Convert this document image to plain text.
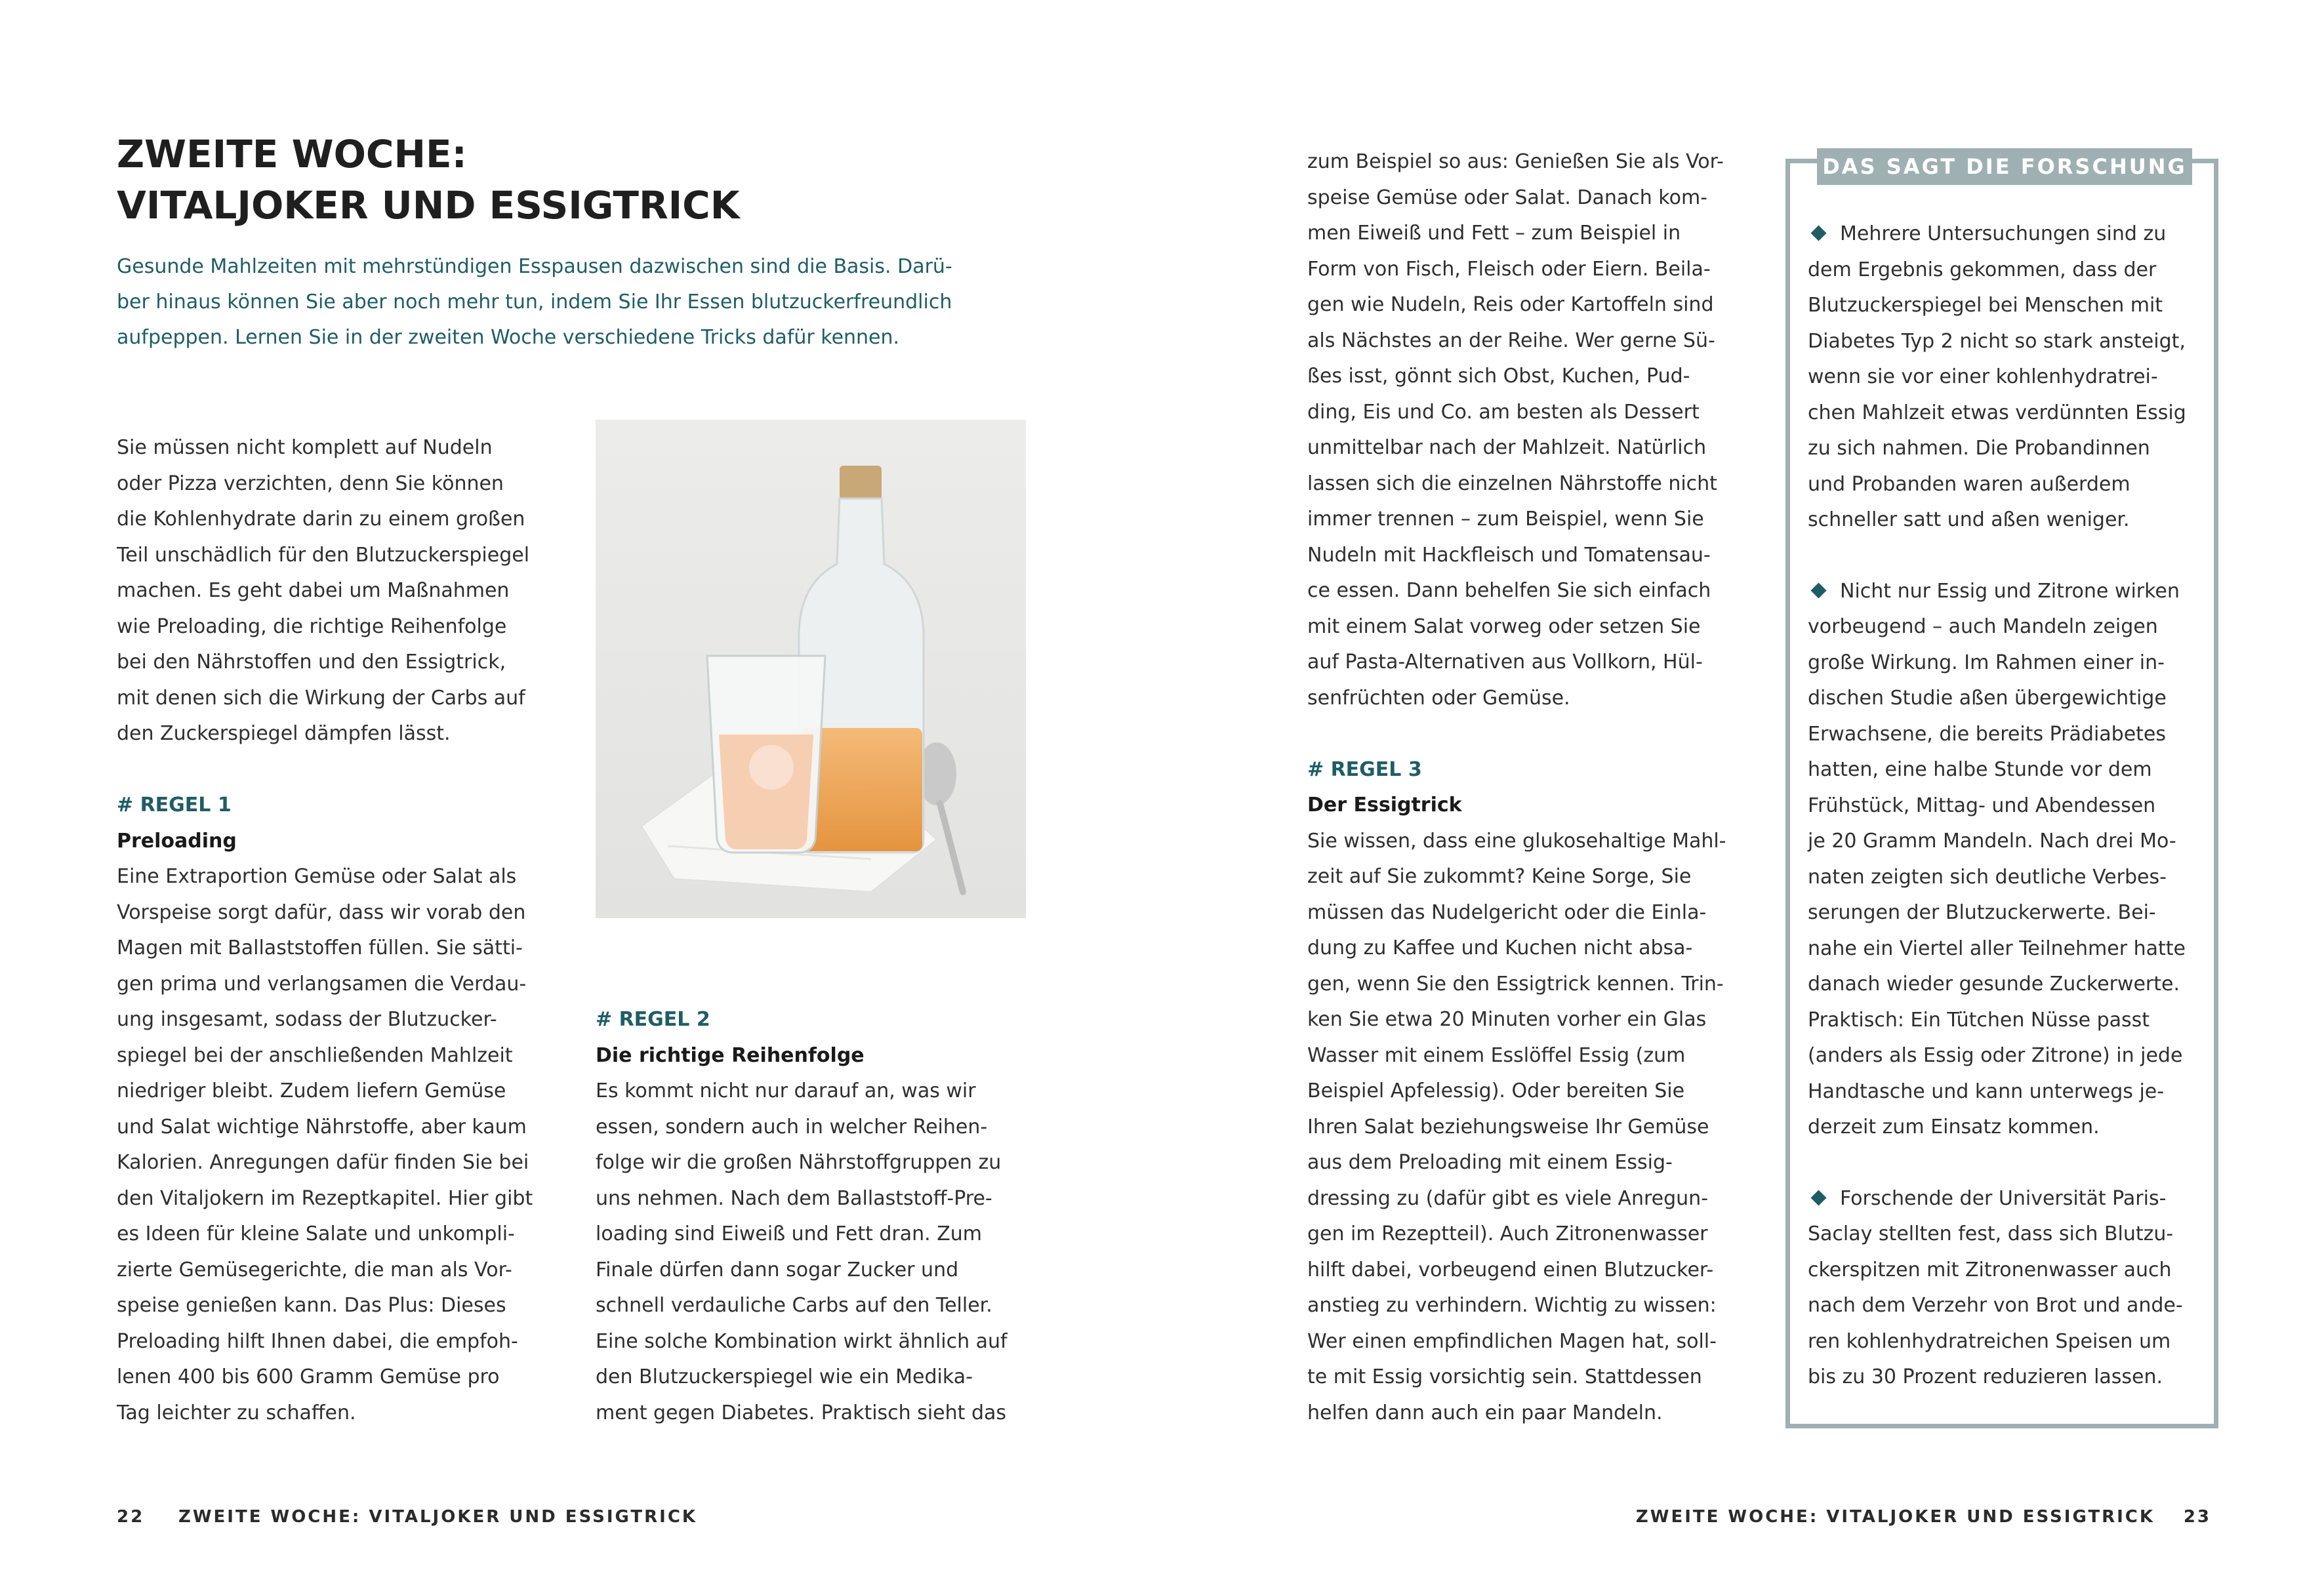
ZWEITE WOCHE:
VITALJOKER UND ESSIGTRICK
Gesunde Mahlzeiten mit mehrstündigen Esspausen dazwischen sind die Basis. Darü-
ber hinaus können Sie aber noch mehr tun, indem Sie Ihr Essen blutzuckerfreundlich
aufpeppen. Lernen Sie in der zweiten Woche verschiedene Tricks dafür kennen.
Sie müssen nicht komplett auf Nudeln
oder Pizza verzichten, denn Sie können
die Kohlenhydrate darin zu einem großen
Teil unschädlich für den Blutzuckerspiegel
machen. Es geht dabei um Maßnahmen
wie Preloading, die richtige Reihenfolge
bei den Nährstoffen und den Essigtrick,
mit denen sich die Wirkung der Carbs auf
den Zuckerspiegel dämpfen lässt.
# REGEL 1
Preloading
Eine Extraportion Gemüse oder Salat als
Vorspeise sorgt dafür, dass wir vorab den
Magen mit Ballaststoffen füllen. Sie sätti-
gen prima und verlangsamen die Verdau-
ung insgesamt, sodass der Blutzucker-
spiegel bei der anschließenden Mahlzeit
niedriger bleibt. Zudem liefern Gemüse
und Salat wichtige Nährstoffe, aber kaum
Kalorien. Anregungen dafür finden Sie bei
den Vitaljokern im Rezeptkapitel. Hier gibt
es Ideen für kleine Salate und unkompli-
zierte Gemüsegerichte, die man als Vor-
speise genießen kann. Das Plus: Dieses
Preloading hilft Ihnen dabei, die empfoh-
lenen 400 bis 600 Gramm Gemüse pro
Tag leichter zu schaffen.
# REGEL 2
Die richtige Reihenfolge
Es kommt nicht nur darauf an, was wir
essen, sondern auch in welcher Reihen-
folge wir die großen Nährstoffgruppen zu
uns nehmen. Nach dem Ballaststoff-Pre-
loading sind Eiweiß und Fett dran. Zum
Finale dürfen dann sogar Zucker und
schnell verdauliche Carbs auf den Teller.
Eine solche Kombination wirkt ähnlich auf
den Blutzuckerspiegel wie ein Medika-
ment gegen Diabetes. Praktisch sieht das
zum Beispiel so aus: Genießen Sie als Vor-
speise Gemüse oder Salat. Danach kom-
men Eiweiß und Fett – zum Beispiel in
Form von Fisch, Fleisch oder Eiern. Beila-
gen wie Nudeln, Reis oder Kartoffeln sind
als Nächstes an der Reihe. Wer gerne Sü-
ßes isst, gönnt sich Obst, Kuchen, Pud-
ding, Eis und Co. am besten als Dessert
unmittelbar nach der Mahlzeit. Natürlich
lassen sich die einzelnen Nährstoffe nicht
immer trennen – zum Beispiel, wenn Sie
Nudeln mit Hackfleisch und Tomatensau-
ce essen. Dann behelfen Sie sich einfach
mit einem Salat vorweg oder setzen Sie
auf Pasta-Alternativen aus Vollkorn, Hül-
senfrüchten oder Gemüse.
# REGEL 3
Der Essigtrick
Sie wissen, dass eine glukosehaltige Mahl-
zeit auf Sie zukommt? Keine Sorge, Sie
müssen das Nudelgericht oder die Einla-
dung zu Kaffee und Kuchen nicht absa-
gen, wenn Sie den Essigtrick kennen. Trin-
ken Sie etwa 20 Minuten vorher ein Glas
Wasser mit einem Esslöffel Essig (zum
Beispiel Apfelessig). Oder bereiten Sie
Ihren Salat beziehungsweise Ihr Gemüse
aus dem Preloading mit einem Essig-
dressing zu (dafür gibt es viele Anregun-
gen im Rezeptteil). Auch Zitronenwasser
hilft dabei, vorbeugend einen Blutzucker-
anstieg zu verhindern. Wichtig zu wissen:
Wer einen empfindlichen Magen hat, soll-
te mit Essig vorsichtig sein. Stattdessen
helfen dann auch ein paar Mandeln.
DAS SAGT DIE FORSCHUNG

Mehrere Untersuchungen sind zu
dem Ergebnis gekommen, dass der
Blutzuckerspiegel bei Menschen mit
Diabetes Typ 2 nicht so stark ansteigt,
wenn sie vor einer kohlenhydratrei-
chen Mahlzeit etwas verdünnten Essig
zu sich nahmen. Die Probandinnen
und Probanden waren außerdem
schneller satt und aßen weniger.

Nicht nur Essig und Zitrone wirken
vorbeugend – auch Mandeln zeigen
große Wirkung. Im Rahmen einer in-
dischen Studie aßen übergewichtige
Erwachsene, die bereits Prädiabetes
hatten, eine halbe Stunde vor dem
Frühstück, Mittag- und Abendessen
je 20 Gramm Mandeln. Nach drei Mo-
naten zeigten sich deutliche Verbes-
serungen der Blutzuckerwerte. Bei-
nahe ein Viertel aller Teilnehmer hatte
danach wieder gesunde Zuckerwerte.
Praktisch: Ein Tütchen Nüsse passt
(anders als Essig oder Zitrone) in jede
Handtasche und kann unterwegs je-
derzeit zum Einsatz kommen.

Forschende der Universität Paris-
Saclay stellten fest, dass sich Blutzu-
ckerspitzen mit Zitronenwasser auch
nach dem Verzehr von Brot und ande-
ren kohlenhydratreichen Speisen um
bis zu 30 Prozent reduzieren lassen.

22 ZWEITE WOCHE: VITALJOKER UND ESSIGTRICK	ZWEITE WOCHE: VITALJOKER UND ESSIGTRICK 23
